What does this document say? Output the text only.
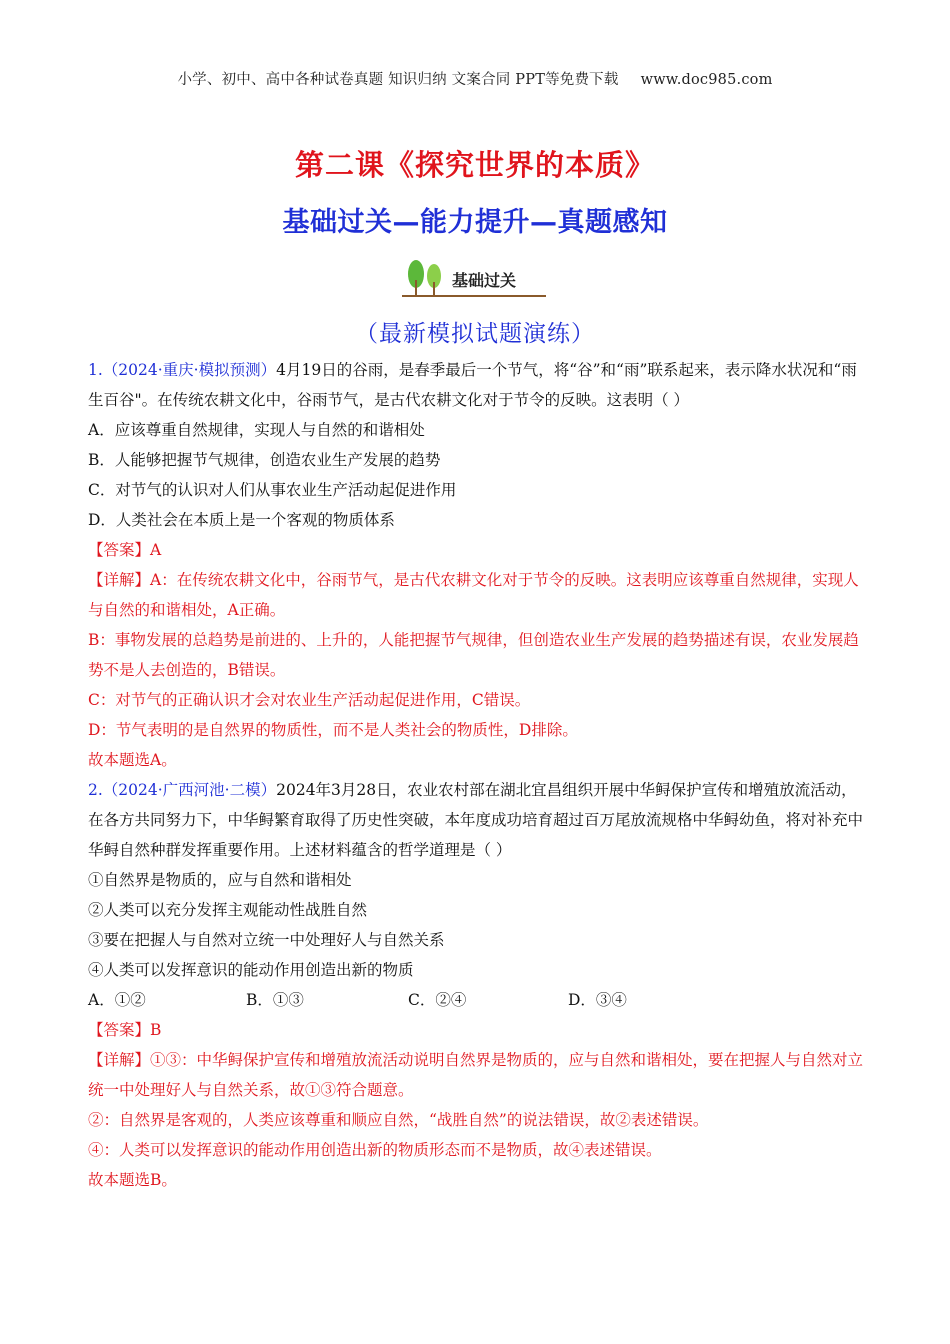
小学、初中、高中各种试卷真题 知识归纳 文案合同 PPT等免费下载 www.doc985.com
第二课《探究世界的本质》
基础过关—能力提升—真题感知
基础过关
（最新模拟试题演练）

1.（2024·重庆·模拟预测）4月19日的谷雨，是春季最后一个节气，将“谷”和“雨”联系起来，表示降水状况和“雨生百谷"。在传统农耕文化中，谷雨节气，是古代农耕文化对于节令的反映。这表明（ ）

A．应该尊重自然规律，实现人与自然的和谐相处

B．人能够把握节气规律，创造农业生产发展的趋势

C．对节气的认识对人们从事农业生产活动起促进作用

D．人类社会在本质上是一个客观的物质体系

【答案】A

【详解】A：在传统农耕文化中，谷雨节气，是古代农耕文化对于节令的反映。这表明应该尊重自然规律，实现人与自然的和谐相处，A正确。

B：事物发展的总趋势是前进的、上升的，人能把握节气规律，但创造农业生产发展的趋势描述有误，农业发展趋势不是人去创造的，B错误。

C：对节气的正确认识才会对农业生产活动起促进作用，C错误。

D：节气表明的是自然界的物质性，而不是人类社会的物质性，D排除。

故本题选A。

2.（2024·广西河池·二模）2024年3月28日，农业农村部在湖北宜昌组织开展中华鲟保护宣传和增殖放流活动，在各方共同努力下，中华鲟繁育取得了历史性突破，本年度成功培育超过百万尾放流规格中华鲟幼鱼，将对补充中华鲟自然种群发挥重要作用。上述材料蕴含的哲学道理是（ ）

①自然界是物质的，应与自然和谐相处

②人类可以充分发挥主观能动性战胜自然

③要在把握人与自然对立统一中处理好人与自然关系

④人类可以发挥意识的能动作用创造出新的物质

A．①②	B．①③	C．②④	D．③④

【答案】B

【详解】①③：中华鲟保护宣传和增殖放流活动说明自然界是物质的，应与自然和谐相处，要在把握人与自然对立统一中处理好人与自然关系，故①③符合题意。

②：自然界是客观的，人类应该尊重和顺应自然，“战胜自然”的说法错误，故②表述错误。

④：人类可以发挥意识的能动作用创造出新的物质形态而不是物质，故④表述错误。

故本题选B。
